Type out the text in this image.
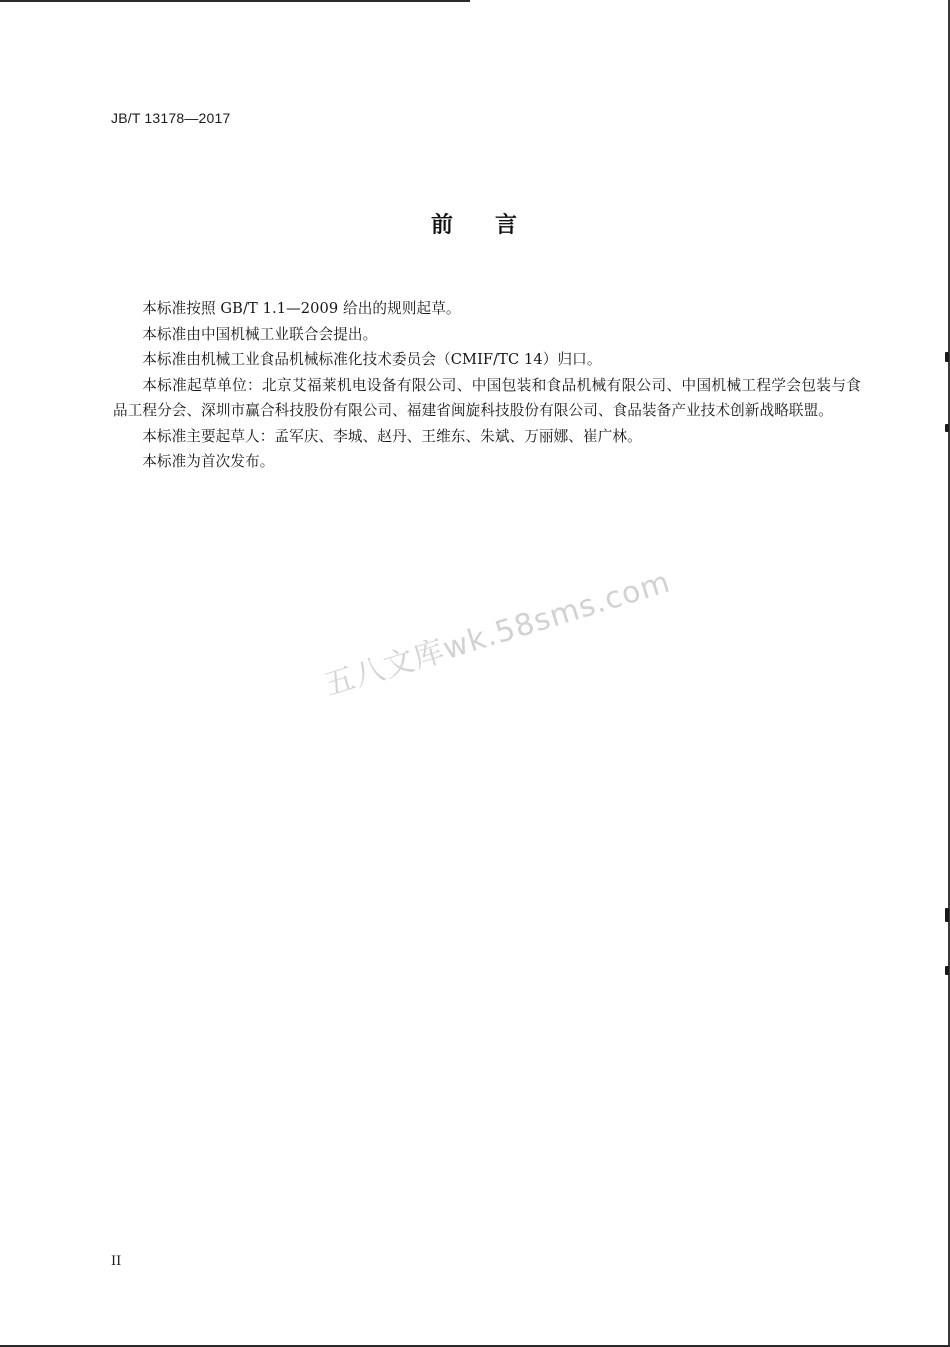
JB/T 13178—2017
前 言

本标准按照 GB/T 1.1—2009 给出的规则起草。

本标准由中国机械工业联合会提出。

本标准由机械工业食品机械标准化技术委员会（CMIF/TC 14）归口。

本标准起草单位：北京艾福莱机电设备有限公司、中国包装和食品机械有限公司、中国机械工程学会包装与食品工程分会、深圳市赢合科技股份有限公司、福建省闽旋科技股份有限公司、食品装备产业技术创新战略联盟。

本标准主要起草人：孟军庆、李城、赵丹、王维东、朱斌、万丽娜、崔广林。

本标准为首次发布。

五八文库wk.58sms.com
II
